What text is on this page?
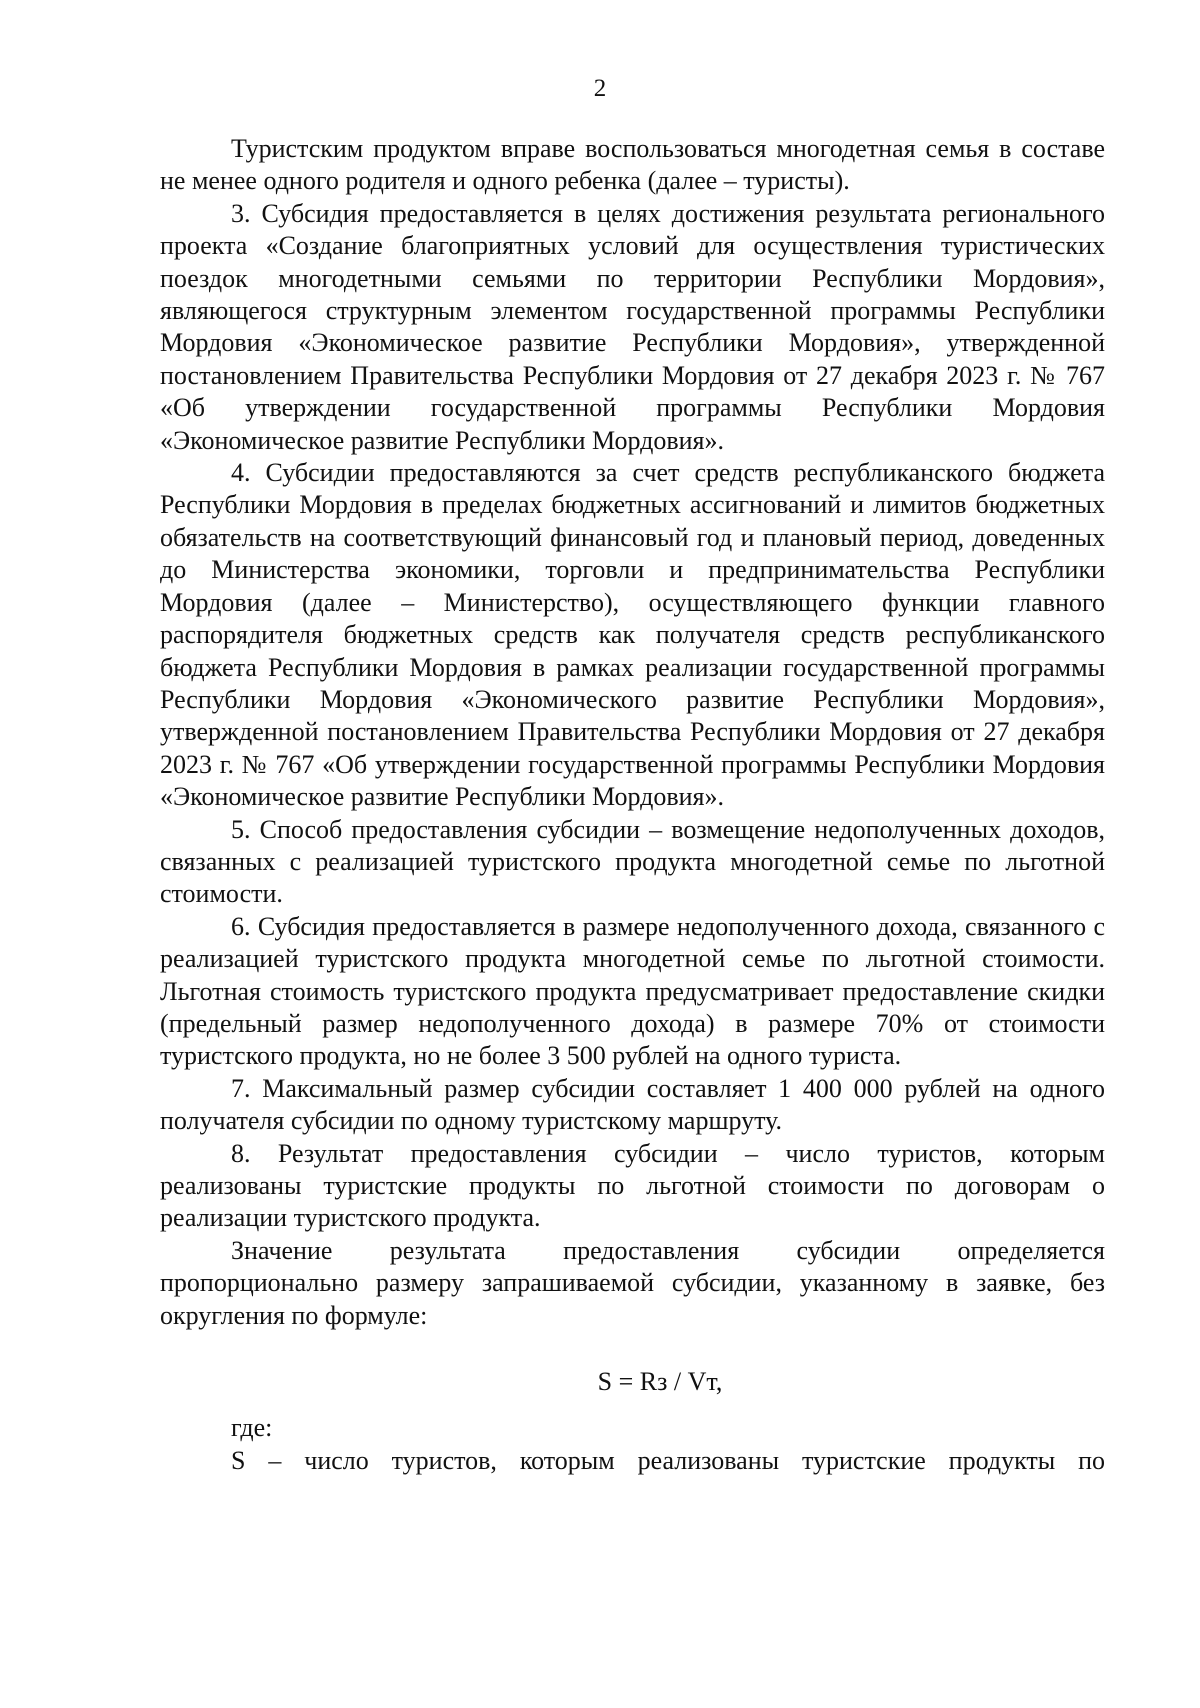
2

Туристским продуктом вправе воспользоваться многодетная семья в составе не менее одного родителя и одного ребенка (далее – туристы).

3. Субсидия предоставляется в целях достижения результата регионального проекта «Создание благоприятных условий для осуществления туристических поездок многодетными семьями по территории Республики Мордовия», являющегося структурным элементом государственной программы Республики Мордовия «Экономическое развитие Республики Мордовия», утвержденной постановлением Правительства Республики Мордовия от 27 декабря 2023 г. № 767 «Об утверждении государственной программы Республики Мордовия «Экономическое развитие Республики Мордовия».

4. Субсидии предоставляются за счет средств республиканского бюджета Республики Мордовия в пределах бюджетных ассигнований и лимитов бюджетных обязательств на соответствующий финансовый год и плановый период, доведенных до Министерства экономики, торговли и предпринимательства Республики Мордовия (далее – Министерство), осуществляющего функции главного распорядителя бюджетных средств как получателя средств республиканского бюджета Республики Мордовия в рамках реализации государственной программы Республики Мордовия «Экономического развитие Республики Мордовия», утвержденной постановлением Правительства Республики Мордовия от 27 декабря 2023 г. № 767 «Об утверждении государственной программы Республики Мордовия «Экономическое развитие Республики Мордовия».

5. Способ предоставления субсидии – возмещение недополученных доходов, связанных с реализацией туристского продукта многодетной семье по льготной стоимости.

6. Субсидия предоставляется в размере недополученного дохода, связанного с реализацией туристского продукта многодетной семье по льготной стоимости. Льготная стоимость туристского продукта предусматривает предоставление скидки (предельный размер недополученного дохода) в размере 70% от стоимости туристского продукта, но не более 3 500 рублей на одного туриста.

7. Максимальный размер субсидии составляет 1 400 000 рублей на одного получателя субсидии по одному туристскому маршруту.

8. Результат предоставления субсидии – число туристов, которым реализованы туристские продукты по льготной стоимости по договорам о реализации туристского продукта.

Значение результата предоставления субсидии определяется пропорционально размеру запрашиваемой субсидии, указанному в заявке, без округления по формуле:

S = Rз / Vт,

где:

S – число туристов, которым реализованы туристские продукты по
